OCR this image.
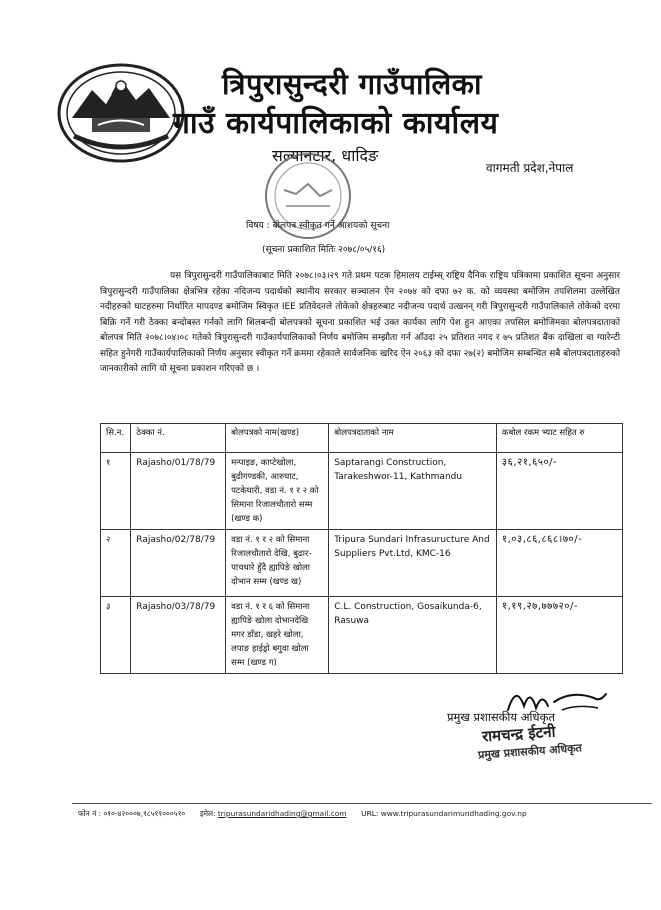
त्रिपुरासुन्दरी गाउँपालिका
गाउँ कार्यपालिकाको कार्यालय
सल्यानटार, धादिङ
वागमती प्रदेश,नेपाल
विषय : बोलपत्र स्वीकृत गर्ने आशयको सूचना
(सूचना प्रकाशित मितिः २०७८/०५/१६)
यस त्रिपुरासुन्दरी गाउँपालिकाबाट मिति २०७८।०३।२९ गते प्रथम पटक हिमालय टाईम्स् राष्ट्रिय दैनिक राष्ट्रिय पत्रिकामा प्रकाशित सूचना अनुसार त्रिपुरासुन्दरी गाउँपालिका क्षेत्रभित्र रहेका नदिजन्य पदार्थको स्थानीय सरकार सञ्चालन ऐन २०७४ को दफा ७२ क. को व्यवस्था बमोजिम तपशिलमा उल्लेखित नदीहरुको घाटहरुमा निर्धारित मापदण्ड बमोजिम स्विकृत IEE प्रतिवेदनले तोकेको क्षेत्रहरुबाट नदीजन्य पदार्थ उत्खनन् गरी त्रिपुरासुन्दरी गाउँपालिकाले तोकेको दरमा बिक्रि गर्ने गरी ठेक्का बन्दोबस्त गर्नको लागि शिलबन्दी बोलपत्रको सूचना प्रकाशित भई उक्त कार्यका लागि पेश हुन आएका तपसिल बमोजिमका बोलपत्रदाताको बोलपत्र मिति २०७८।०४।०८ गतेको त्रिपुरासुन्दरी गाउँकार्यपालिकाको निर्णय बमोजिम सम्झौता गर्न आँउदा २५ प्रतिशत नगद र ७५ प्रतिशत बैंक दाखिला वा ग्यारेन्टी सहित हुनेगरी गाउँकार्यपालिकाको निर्णय अनुसार स्वीकृत गर्ने क्रममा रहेकाले सार्वजनिक खरिद ऐन २०६३ को दफा २७(२) बमोजिम सम्बन्धित सबै बोलपत्रदाताहरुको जानकारीको लागि यो सूचना प्रकाशन गरिएको छ ।
सि.न.	ठेक्का नं.	बोलपत्रको नाम(खण्ड)	बोलपत्रदाताको नाम	कबोल रकम भ्याट सहित रु
१	Rajasho/01/78/79	मन्पाइङ, काप्टेखोला, बुढीगण्डकी, आरुघाट, पटकेघारी, वडा नं. १ र २ को सिमाना रिजालचौतारो सम्म (खण्ड क)	Saptarangi Construction, Tarakeshwor-11, Kathmandu	३६,२१,६५०/-
२	Rajasho/02/78/79	वडा नं. १ र २ को सिमाना रिजालचौतारो देखि, बुढार-पाचधारे हुँदै ह्यापिङे खोला दोभान सम्म (खण्ड ख)	Tripura Sundari Infrasuructure And Suppliers Pvt.Ltd, KMC-16	१,०३,८६,८६८।७०/-
३	Rajasho/03/78/79	वडा नं. १ र ६ को सिमाना ह्यापिङे खोला दोभानदेखि मगर डाँडा, खहरे खोला, लपाङ हाईड्रो बगुवा खोला सम्म (खण्ड ग)	C.L. Construction, Gosaikunda-6, Rasuwa	१,१९,२७,७७७२०/-
प्रमुख प्रशासकीय अधिकृत
रामचन्द्र ईटनी
प्रमुख प्रशासकीय अधिकृत
फोन नं : ०१०-४२०००७,९८५११०००५१० इमेल: tripurasundaridhading@gmail.com URL: www.tripurasundarimundhading.gov.np
